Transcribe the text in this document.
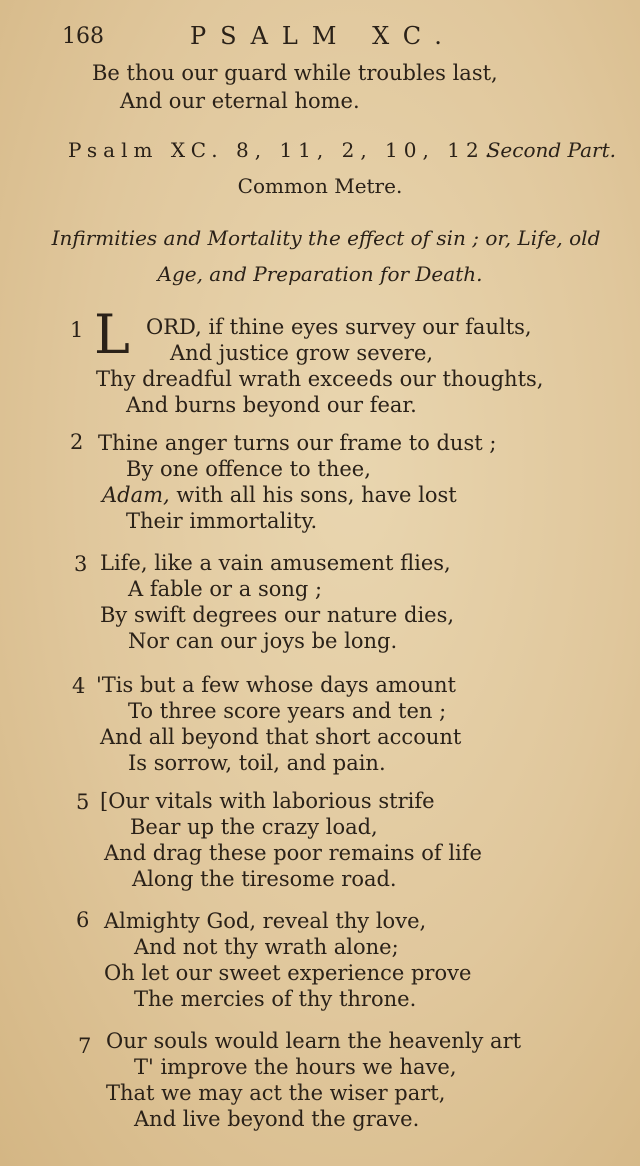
168	PSALM XC.
Be thou our guard while troubles last,
And our eternal home.
Psalm XC. 8, 11, 2, 10, 12.
Second Part.
Common Metre.
Infirmities and Mortality the effect of sin ; or, Life, old
Age, and Preparation for Death.
1 L ORD, if thine eyes survey our faults,
And justice grow severe,
Thy dreadful wrath exceeds our thoughts,
And burns beyond our fear.
2 Thine anger turns our frame to dust ;
By one offence to thee,
Adam, with all his sons, have lost
Their immortality.
3 Life, like a vain amusement flies,
A fable or a song ;
By swift degrees our nature dies,
Nor can our joys be long.
4 'Tis but a few whose days amount
To three score years and ten ;
And all beyond that short account
Is sorrow, toil, and pain.
5 [Our vitals with laborious strife
Bear up the crazy load,
And drag these poor remains of life
Along the tiresome road.
6 Almighty God, reveal thy love,
And not thy wrath alone;
Oh let our sweet experience prove
The mercies of thy throne.
7 Our souls would learn the heavenly art
T' improve the hours we have,
That we may act the wiser part,
And live beyond the grave.
